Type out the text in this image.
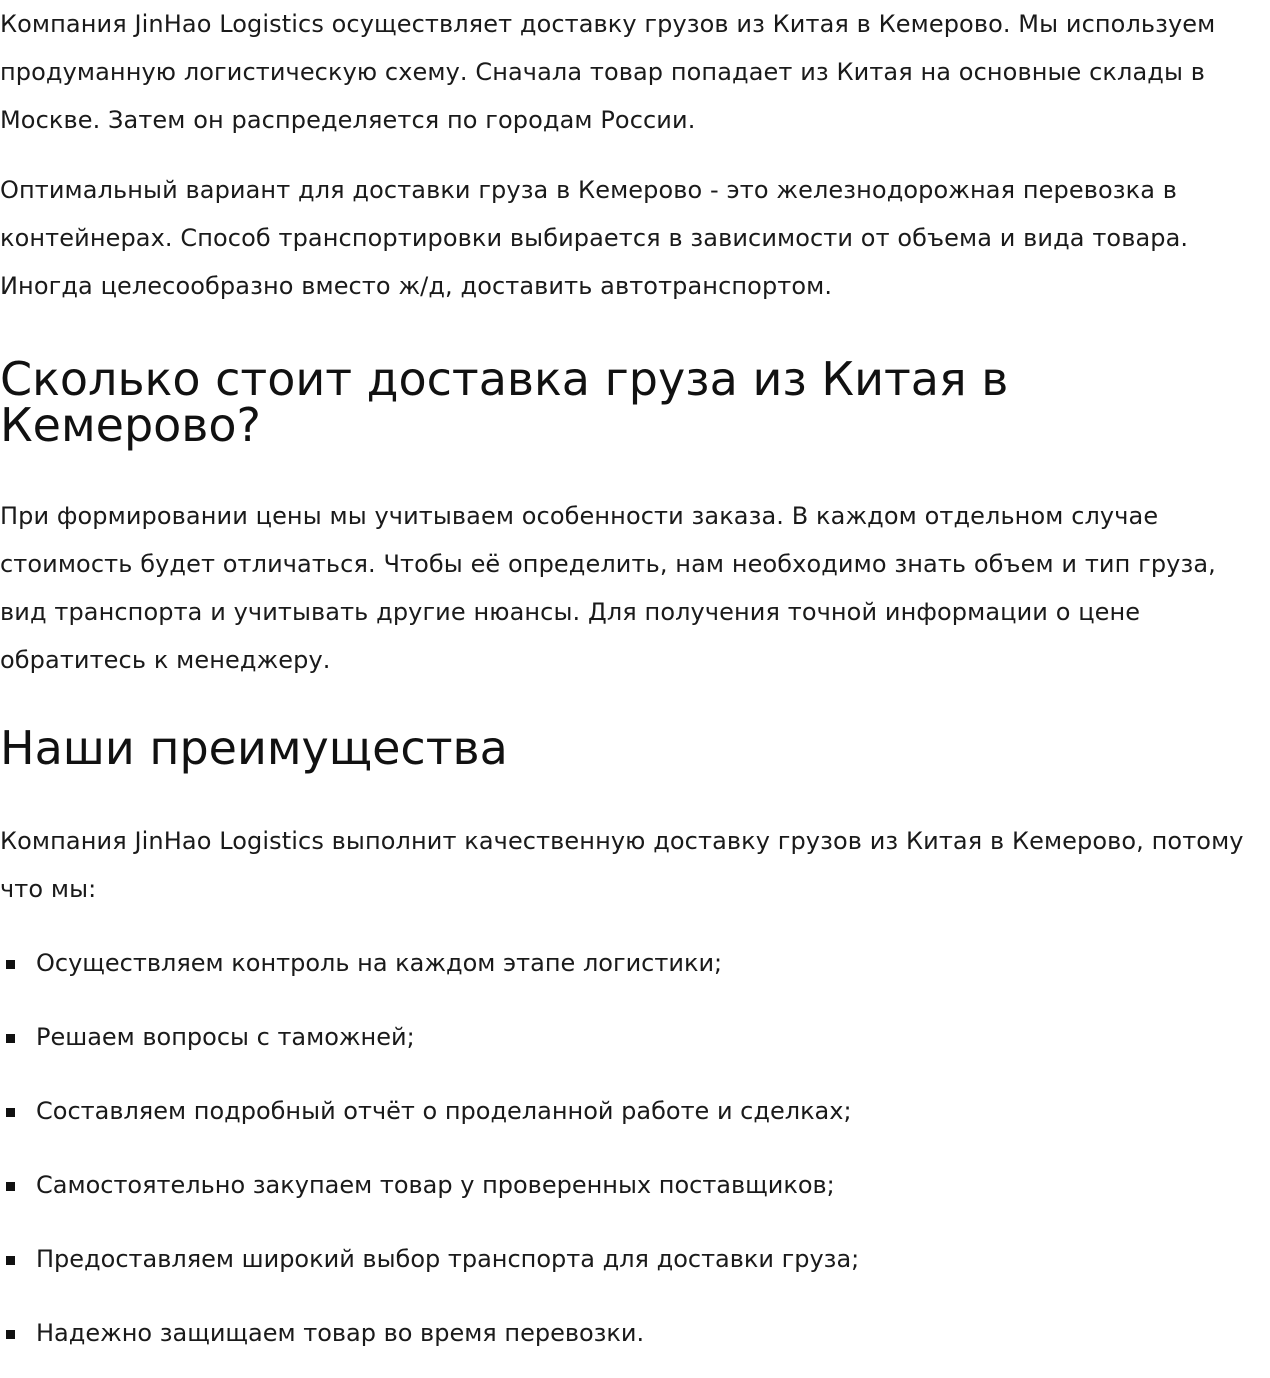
Компания JinHao Logistics осуществляет доставку грузов из Китая в Кемерово. Мы используем продуманную логистическую схему. Сначала товар попадает из Китая на основные склады в Москве. Затем он распределяется по городам России.

Оптимальный вариант для доставки груза в Кемерово - это железнодорожная перевозка в контейнерах. Способ транспортировки выбирается в зависимости от объема и вида товара. Иногда целесообразно вместо ж/д, доставить автотранспортом.

Сколько стоит доставка груза из Китая в Кемерово?

При формировании цены мы учитываем особенности заказа. В каждом отдельном случае стоимость будет отличаться. Чтобы её определить, нам необходимо знать объем и тип груза, вид транспорта и учитывать другие нюансы. Для получения точной информации о цене обратитесь к менеджеру.

Наши преимущества

Компания JinHao Logistics выполнит качественную доставку грузов из Китая в Кемерово, потому что мы:

Осуществляем контроль на каждом этапе логистики;
Решаем вопросы с таможней;
Составляем подробный отчёт о проделанной работе и сделках;
Самостоятельно закупаем товар у проверенных поставщиков;
Предоставляем широкий выбор транспорта для доставки груза;
Надежно защищаем товар во время перевозки.
